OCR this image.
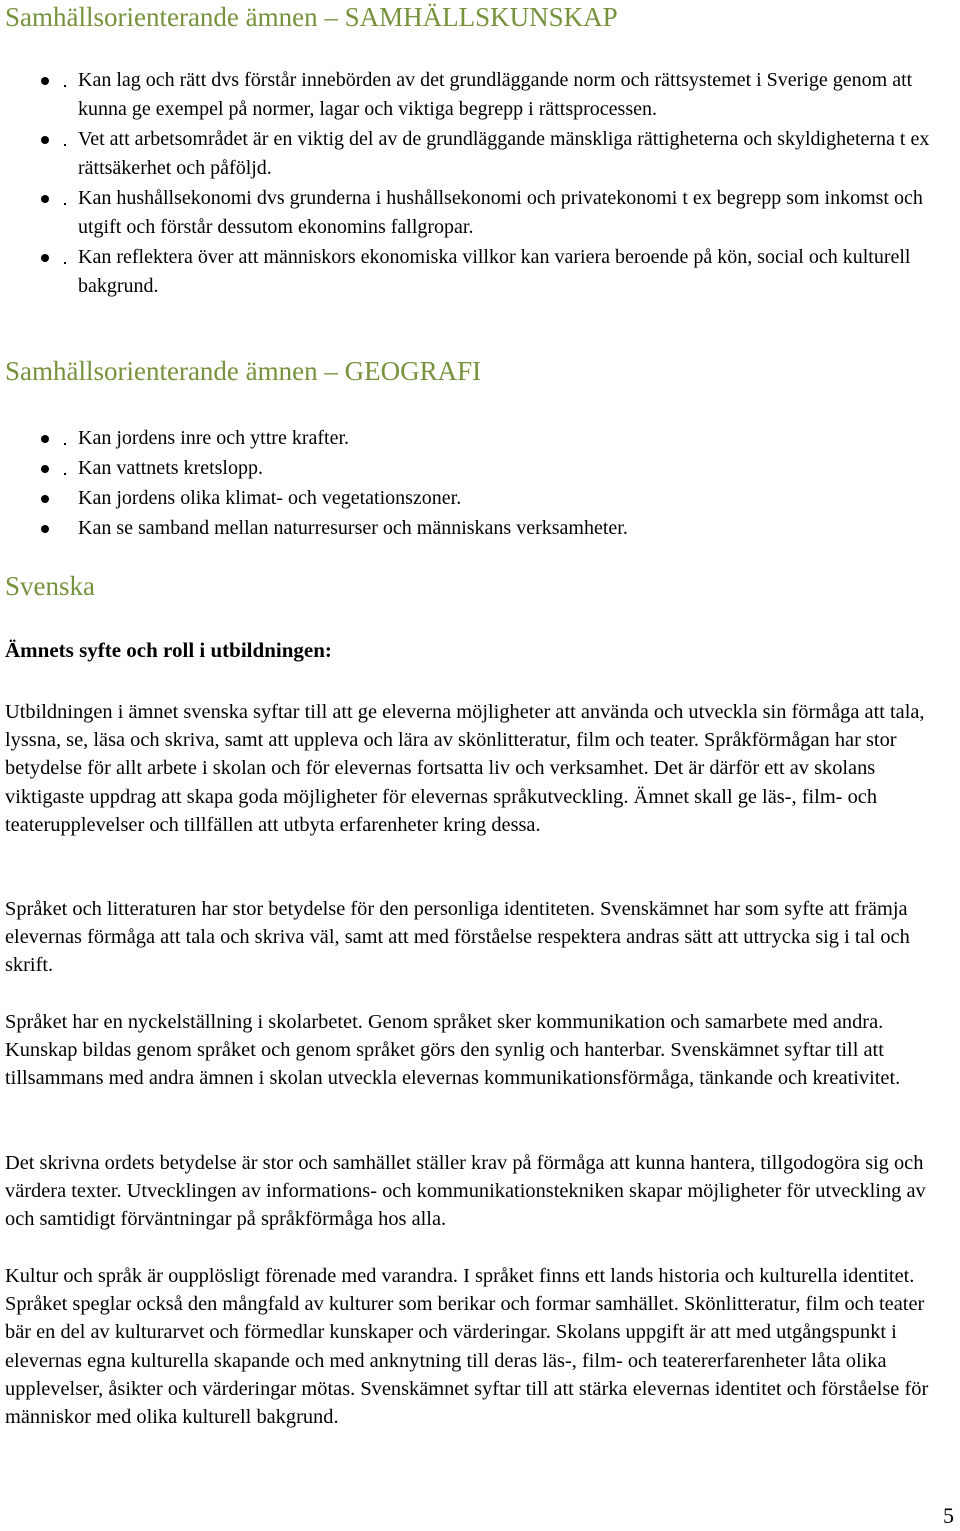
Samhällsorienterande ämnen – SAMHÄLLSKUNSKAP
Kan lag och rätt dvs förstår innebörden av det grundläggande norm och rättsystemet i Sverige genom att kunna ge exempel på normer, lagar och viktiga begrepp i rättsprocessen.
Vet att arbetsområdet är en viktig del av de grundläggande mänskliga rättigheterna och skyldigheterna t ex rättsäkerhet och påföljd.
Kan hushållsekonomi dvs grunderna i hushållsekonomi och privatekonomi t ex begrepp som inkomst och utgift och förstår dessutom ekonomins fallgropar.
Kan reflektera över att människors ekonomiska villkor kan variera beroende på kön, social och kulturell bakgrund.
Samhällsorienterande ämnen – GEOGRAFI
Kan jordens inre och yttre krafter.
Kan vattnets kretslopp.
Kan jordens olika klimat- och vegetationszoner.
Kan se samband mellan naturresurser och människans verksamheter.
Svenska
Ämnets syfte och roll i utbildningen:

Utbildningen i ämnet svenska syftar till att ge eleverna möjligheter att använda och utveckla sin förmåga att tala, lyssna, se, läsa och skriva, samt att uppleva och lära av skönlitteratur, film och teater. Språkförmågan har stor betydelse för allt arbete i skolan och för elevernas fortsatta liv och verksamhet. Det är därför ett av skolans viktigaste uppdrag att skapa goda möjligheter för elevernas språkutveckling. Ämnet skall ge läs-, film- och teaterupplevelser och tillfällen att utbyta erfarenheter kring dessa.

Språket och litteraturen har stor betydelse för den personliga identiteten. Svenskämnet har som syfte att främja elevernas förmåga att tala och skriva väl, samt att med förståelse respektera andras sätt att uttrycka sig i tal och skrift.

Språket har en nyckelställning i skolarbetet. Genom språket sker kommunikation och samarbete med andra. Kunskap bildas genom språket och genom språket görs den synlig och hanterbar. Svenskämnet syftar till att tillsammans med andra ämnen i skolan utveckla elevernas kommunikationsförmåga, tänkande och kreativitet.

Det skrivna ordets betydelse är stor och samhället ställer krav på förmåga att kunna hantera, tillgodogöra sig och värdera texter. Utvecklingen av informations- och kommunikationstekniken skapar möjligheter för utveckling av och samtidigt förväntningar på språkförmåga hos alla.

Kultur och språk är oupplösligt förenade med varandra. I språket finns ett lands historia och kulturella identitet. Språket speglar också den mångfald av kulturer som berikar och formar samhället. Skönlitteratur, film och teater bär en del av kulturarvet och förmedlar kunskaper och värderingar. Skolans uppgift är att med utgångspunkt i elevernas egna kulturella skapande och med anknytning till deras läs-, film- och teatererfarenheter låta olika upplevelser, åsikter och värderingar mötas. Svenskämnet syftar till att stärka elevernas identitet och förståelse för människor med olika kulturell bakgrund.

5
